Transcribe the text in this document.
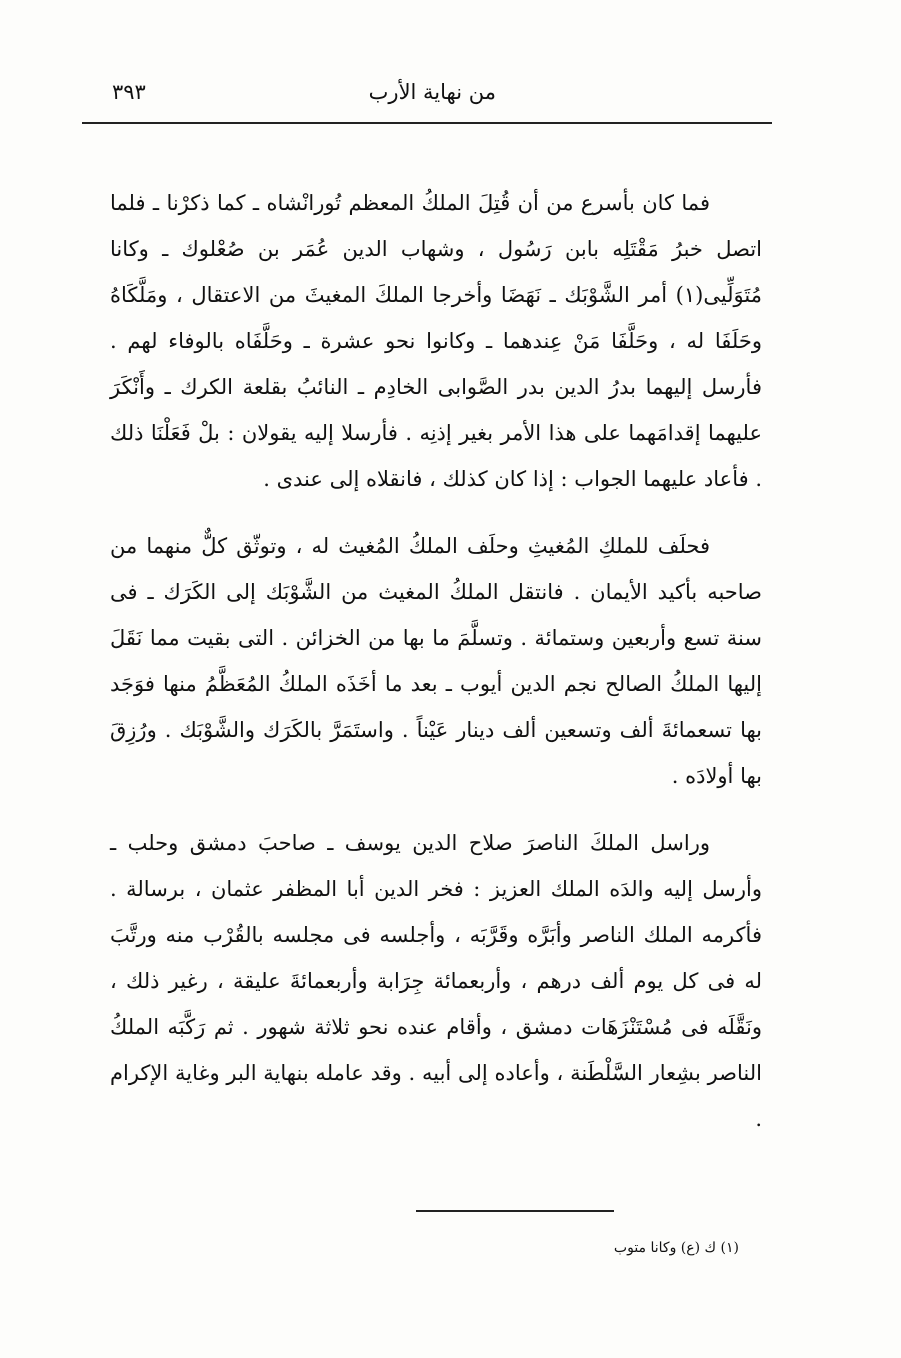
من نهاية الأرب
٣٩٣

فما كان بأسرع من أن قُتِلَ الملكُ المعظم تُورانْشاه ـ كما ذكرْنا ـ فلما اتصل خبرُ مَقْتَلِه بابن رَسُول ، وشهاب الدين عُمَر بن صُعْلوك ـ وكانا مُتَوَلِّيى(١) أمر الشَّوْبَك ـ نَهَضَا وأخرجا الملكَ المغيثَ من الاعتقال ، ومَلَّكَاهُ وحَلَفَا له ، وحَلَّفَا مَنْ عِندهما ـ وكانوا نحو عشرة ـ وحَلَّفَاه بالوفاء لهم . فأرسل إليهما بدرُ الدين بدر الصَّوابى الخادِم ـ النائبُ بقلعة الكرك ـ وأَنْكَرَ عليهما إقدامَهما على هذا الأمر بغير إذنِه . فأرسلا إليه يقولان : بلْ فَعَلْنَا ذلك . فأعاد عليهما الجواب : إذا كان كذلك ، فانقلاه إلى عندى .

فحلَف للملكِ المُغيثِ وحلَف الملكُ المُغيث له ، وتوثّق كلٌّ منهما من صاحبه بأكيد الأيمان . فانتقل الملكُ المغيث من الشَّوْبَك إلى الكَرَك ـ فى سنة تسع وأربعين وستمائة . وتسلَّمَ ما بها من الخزائن . التى بقيت مما نَقَلَ إليها الملكُ الصالح نجم الدين أيوب ـ بعد ما أخَذَه الملكُ المُعَظَّمُ منها فوَجَد بها تسعمائةَ ألف وتسعين ألف دينار عَيْناً . واستَمَرَّ بالكَرَك والشَّوْبَك . ورُزِقَ بها أولادَه .

وراسل الملكَ الناصرَ صلاح الدين يوسف ـ صاحبَ دمشق وحلب ـ وأرسل إليه والدَه الملك العزيز : فخر الدين أبا المظفر عثمان ، برسالة . فأكرمه الملك الناصر وأبَرَّه وقَرَّبَه ، وأجلسه فى مجلسه بالقُرْب منه ورتَّبَ له فى كل يوم ألف درهم ، وأربعمائة جِرَابة وأربعمائةَ عليقة ، رغير ذلك ، ونَقَّلَه فى مُسْتَنْزَهَات دمشق ، وأقام عنده نحو ثلاثة شهور . ثم رَكَّبَه الملكُ الناصر بشِعار السَّلْطَنة ، وأعاده إلى أبيه . وقد عامله بنهاية البر وغاية الإكرام .

(١) ك (ع) وكانا متوب
